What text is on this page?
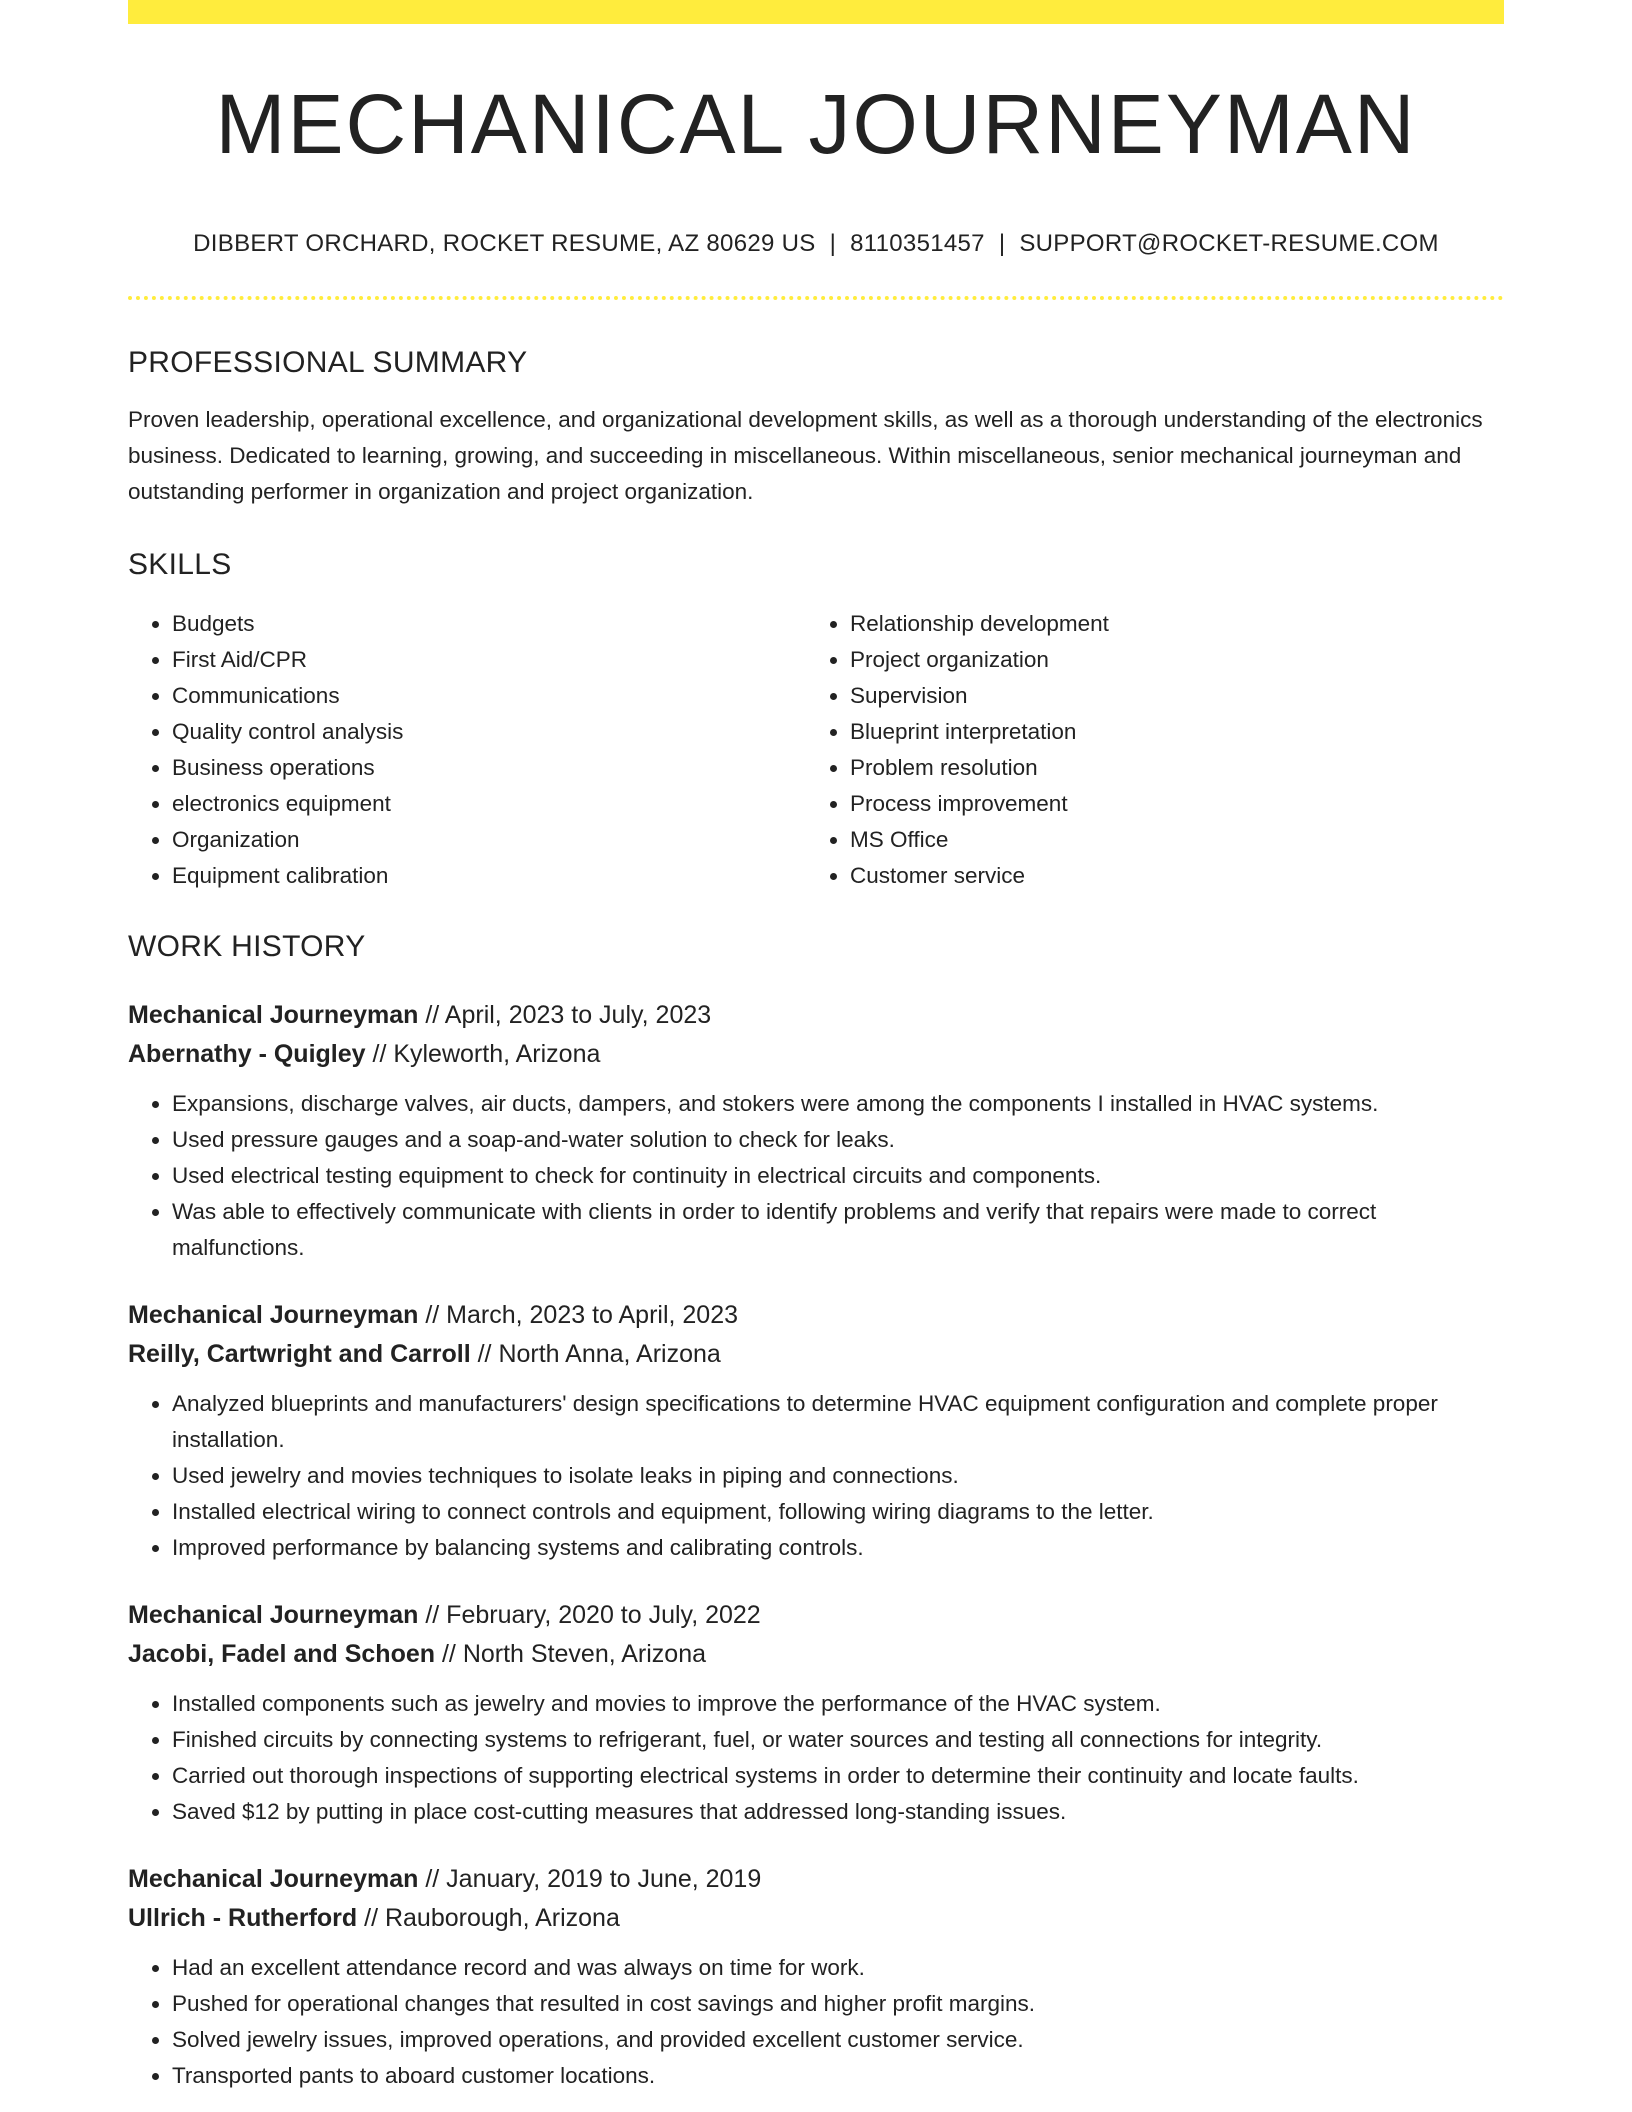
MECHANICAL JOURNEYMAN
DIBBERT ORCHARD, ROCKET RESUME, AZ 80629 US | 8110351457 | SUPPORT@ROCKET-RESUME.COM
PROFESSIONAL SUMMARY

Proven leadership, operational excellence, and organizational development skills, as well as a thorough understanding of the electronics business. Dedicated to learning, growing, and succeeding in miscellaneous. Within miscellaneous, senior mechanical journeyman and outstanding performer in organization and project organization.

SKILLS
• Budgets
• First Aid/CPR
• Communications
• Quality control analysis
• Business operations
• electronics equipment
• Organization
• Equipment calibration
• Relationship development
• Project organization
• Supervision
• Blueprint interpretation
• Problem resolution
• Process improvement
• MS Office
• Customer service
WORK HISTORY
Mechanical Journeyman // April, 2023 to July, 2023
Abernathy - Quigley // Kyleworth, Arizona
• Expansions, discharge valves, air ducts, dampers, and stokers were among the components I installed in HVAC systems.
• Used pressure gauges and a soap-and-water solution to check for leaks.
• Used electrical testing equipment to check for continuity in electrical circuits and components.
• Was able to effectively communicate with clients in order to identify problems and verify that repairs were made to correct malfunctions.
Mechanical Journeyman // March, 2023 to April, 2023
Reilly, Cartwright and Carroll // North Anna, Arizona
• Analyzed blueprints and manufacturers' design specifications to determine HVAC equipment configuration and complete proper installation.
• Used jewelry and movies techniques to isolate leaks in piping and connections.
• Installed electrical wiring to connect controls and equipment, following wiring diagrams to the letter.
• Improved performance by balancing systems and calibrating controls.
Mechanical Journeyman // February, 2020 to July, 2022
Jacobi, Fadel and Schoen // North Steven, Arizona
• Installed components such as jewelry and movies to improve the performance of the HVAC system.
• Finished circuits by connecting systems to refrigerant, fuel, or water sources and testing all connections for integrity.
• Carried out thorough inspections of supporting electrical systems in order to determine their continuity and locate faults.
• Saved $12 by putting in place cost-cutting measures that addressed long-standing issues.
Mechanical Journeyman // January, 2019 to June, 2019
Ullrich - Rutherford // Rauborough, Arizona
• Had an excellent attendance record and was always on time for work.
• Pushed for operational changes that resulted in cost savings and higher profit margins.
• Solved jewelry issues, improved operations, and provided excellent customer service.
• Transported pants to aboard customer locations.
